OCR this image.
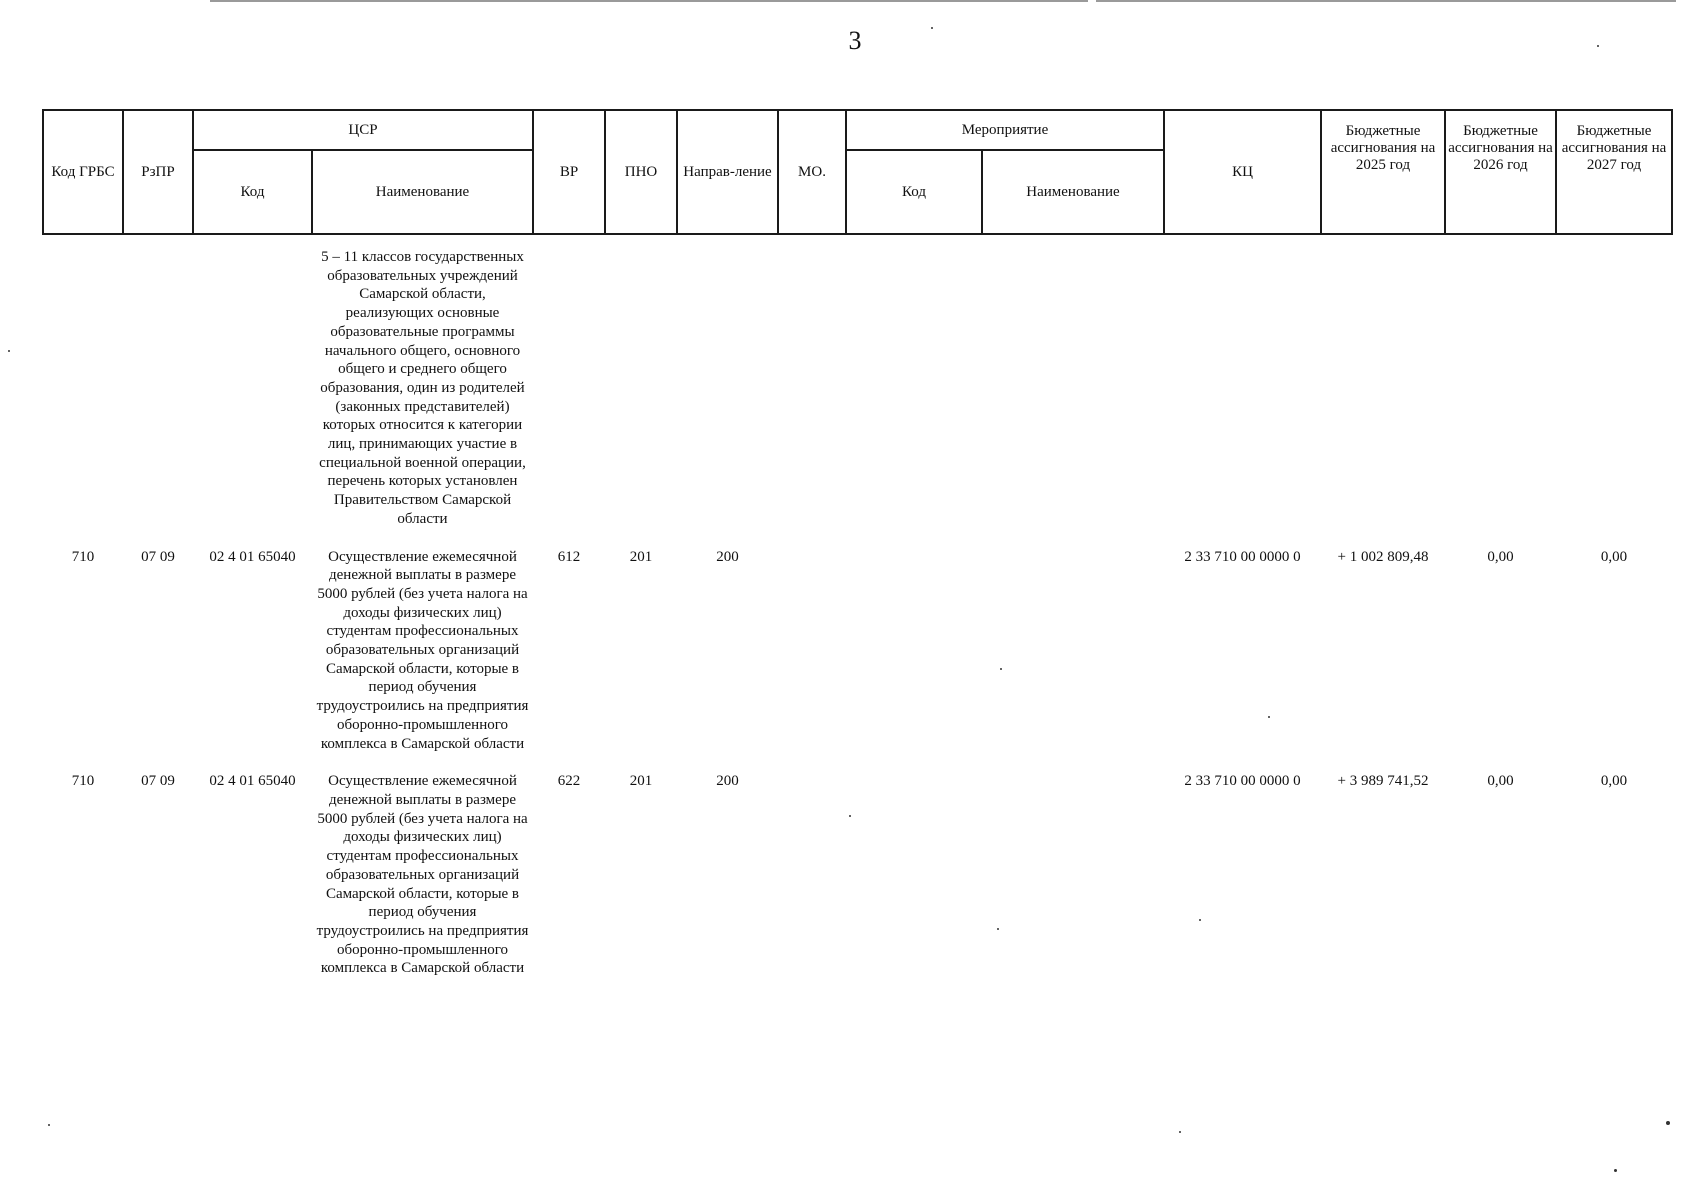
3
Код ГРБС	РзПР	ЦСР		ВР	ПНО	Направ-ление	МО.	Мероприятие		КЦ	Бюджетные ассигнования на 2025 год	Бюджетные ассигнования на 2026 год	Бюджетные ассигнования на 2027 год
		Код	Наименование					Код	Наименование				
			5 – 11 классов государственных образовательных учреждений Самарской области, реализующих основные образовательные программы начального общего, основного общего и среднего общего образования, один из родителей (законных представителей) которых относится к категории лиц, принимающих участие в специальной военной операции, перечень которых установлен Правительством Самарской области										
710	07 09	02 4 01 65040	Осуществление ежемесячной денежной выплаты в размере 5000 рублей (без учета налога на доходы физических лиц) студентам профессиональных образовательных организаций Самарской области, которые в период обучения трудоустроились на предприятия оборонно-промышленного комплекса в Самарской области	612	201	200				2 33 710 00 0000 0	+ 1 002 809,48	0,00	0,00
710	07 09	02 4 01 65040	Осуществление ежемесячной денежной выплаты в размере 5000 рублей (без учета налога на доходы физических лиц) студентам профессиональных образовательных организаций Самарской области, которые в период обучения трудоустроились на предприятия оборонно-промышленного комплекса в Самарской области	622	201	200				2 33 710 00 0000 0	+ 3 989 741,52	0,00	0,00
